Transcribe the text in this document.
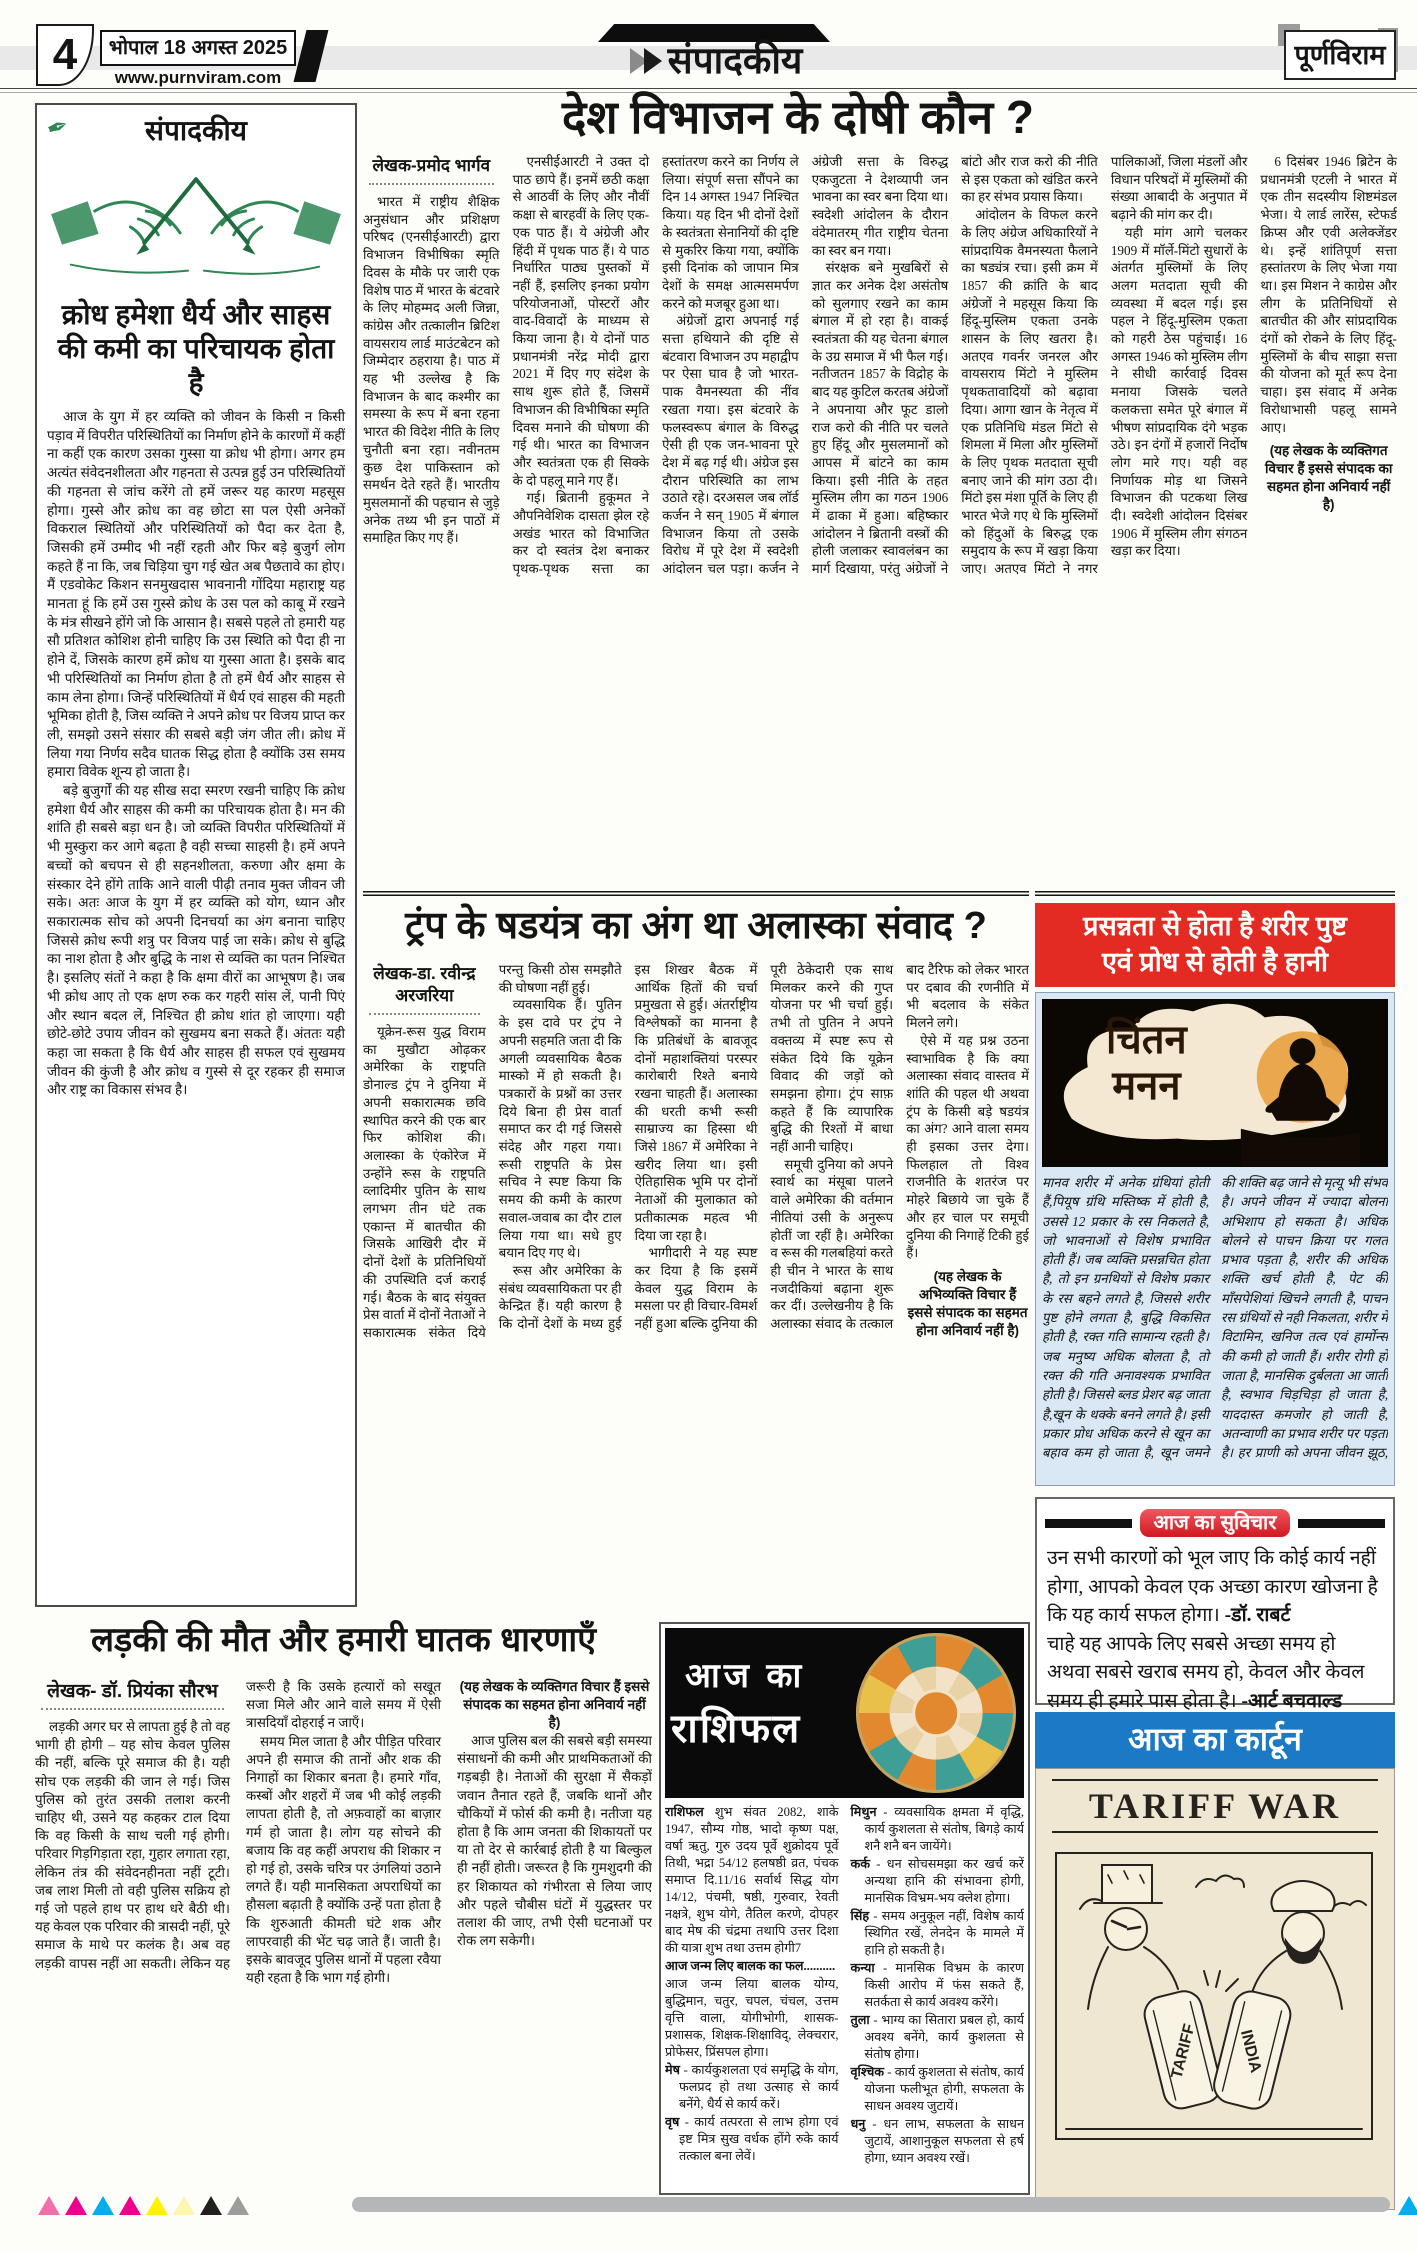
4	भोपाल 18 अगस्त 2025
www.purnviram.com	संपादकीय	पूर्णविराम
✒	संपादकीय
क्रोध हमेशा धैर्य और साहस की कमी का परिचायक होता है

आज के युग में हर व्यक्ति को जीवन के किसी न किसी पड़ाव में विपरीत परिस्थितियों का निर्माण होने के कारणों में कहीं ना कहीं एक कारण उसका गुस्सा या क्रोध भी होगा। अगर हम अत्यंत संवेदनशीलता और गहनता से उत्पन्न हुई उन परिस्थितियों की गहनता से जांच करेंगे तो हमें जरूर यह कारण महसूस होगा। गुस्से और क्रोध का वह छोटा सा पल ऐसी अनेकों विकराल स्थितियों और परिस्थितियों को पैदा कर देता है, जिसकी हमें उम्मीद भी नहीं रहती और फिर बड़े बुजुर्ग लोग कहते हैं ना कि, जब चिड़िया चुग गई खेत अब पैछतावे का होए। मैं एडवोकेट किशन सनमुखदास भावनानी गोंदिया महाराष्ट्र यह मानता हूं कि हमें उस गुस्से क्रोध के उस पल को काबू में रखने के मंत्र सीखने होंगे जो कि आसान है। सबसे पहले तो हमारी यह सौ प्रतिशत कोशिश होनी चाहिए कि उस स्थिति को पैदा ही ना होने दें, जिसके कारण हमें क्रोध या गुस्सा आता है। इसके बाद भी परिस्थितियों का निर्माण होता है तो हमें धैर्य और साहस से काम लेना होगा। जिन्हें परिस्थितियों में धैर्य एवं साहस की महती भूमिका होती है, जिस व्यक्ति ने अपने क्रोध पर विजय प्राप्त कर ली, समझो उसने संसार की सबसे बड़ी जंग जीत ली। क्रोध में लिया गया निर्णय सदैव घातक सिद्ध होता है क्योंकि उस समय हमारा विवेक शून्य हो जाता है।

बड़े बुजुर्गों की यह सीख सदा स्मरण रखनी चाहिए कि क्रोध हमेशा धैर्य और साहस की कमी का परिचायक होता है। मन की शांति ही सबसे बड़ा धन है। जो व्यक्ति विपरीत परिस्थितियों में भी मुस्कुरा कर आगे बढ़ता है वही सच्चा साहसी है। हमें अपने बच्चों को बचपन से ही सहनशीलता, करुणा और क्षमा के संस्कार देने होंगे ताकि आने वाली पीढ़ी तनाव मुक्त जीवन जी सके। अतः आज के युग में हर व्यक्ति को योग, ध्यान और सकारात्मक सोच को अपनी दिनचर्या का अंग बनाना चाहिए जिससे क्रोध रूपी शत्रु पर विजय पाई जा सके। क्रोध से बुद्धि का नाश होता है और बुद्धि के नाश से व्यक्ति का पतन निश्चित है। इसलिए संतों ने कहा है कि क्षमा वीरों का आभूषण है। जब भी क्रोध आए तो एक क्षण रुक कर गहरी सांस लें, पानी पिएं और स्थान बदल लें, निश्चित ही क्रोध शांत हो जाएगा। यही छोटे-छोटे उपाय जीवन को सुखमय बना सकते हैं। अंततः यही कहा जा सकता है कि धैर्य और साहस ही सफल एवं सुखमय जीवन की कुंजी है और क्रोध व गुस्से से दूर रहकर ही समाज और राष्ट्र का विकास संभव है।

देश विभाजन के दोषी कौन ?
लेखक-प्रमोद भार्गव

भारत में राष्ट्रीय शैक्षिक अनुसंधान और प्रशिक्षण परिषद (एनसीईआरटी) द्वारा विभाजन विभीषिका स्मृति दिवस के मौके पर जारी एक विशेष पाठ में भारत के बंटवारे के लिए मोहम्मद अली जिन्ना, कांग्रेस और तत्कालीन ब्रिटिश वायसराय लार्ड माउंटबेटन को जिम्मेदार ठहराया है। पाठ में यह भी उल्लेख है कि विभाजन के बाद कश्मीर का समस्या के रूप में बना रहना भारत की विदेश नीति के लिए चुनौती बना रहा। नवीनतम कुछ देश पाकिस्तान को समर्थन देते रहते हैं। भारतीय मुसलमानों की पहचान से जुड़े अनेक तथ्य भी इन पाठों में समाहित किए गए हैं।

एनसीईआरटी ने उक्त दो पाठ छापे हैं। इनमें छठी कक्षा से आठवीं के लिए और नौवीं कक्षा से बारहवीं के लिए एक-एक पाठ हैं। ये अंग्रेजी और हिंदी में पृथक पाठ हैं। ये पाठ निर्धारित पाठ्य पुस्तकों में नहीं हैं, इसलिए इनका प्रयोग परियोजनाओं, पोस्टरों और वाद-विवादों के माध्यम से किया जाना है। ये दोनों पाठ प्रधानमंत्री नरेंद्र मोदी द्वारा 2021 में दिए गए संदेश के साथ शुरू होते हैं, जिसमें विभाजन की विभीषिका स्मृति दिवस मनाने की घोषणा की गई थी। भारत का विभाजन और स्वतंत्रता एक ही सिक्के के दो पहलू माने गए हैं।

गई। ब्रितानी हुकूमत ने औपनिवेशिक दासता झेल रहे अखंड भारत को विभाजित कर दो स्वतंत्र देश बनाकर पृथक-पृथक सत्ता का हस्तांतरण करने का निर्णय ले लिया। संपूर्ण सत्ता सौंपने का दिन 14 अगस्त 1947 निश्चित किया। यह दिन भी दोनों देशों के स्वतंत्रता सेनानियों की दृष्टि से मुकरिर किया गया, क्योंकि इसी दिनांक को जापान मित्र देशों के समक्ष आत्मसमर्पण करने को मजबूर हुआ था।

अंग्रेजों द्वारा अपनाई गई सत्ता हथियाने की दृष्टि से बंटवारा विभाजन उप महाद्वीप पर ऐसा घाव है जो भारत-पाक वैमनस्यता की नींव रखता गया। इस बंटवारे के फलस्वरूप बंगाल के विरुद्ध ऐसी ही एक जन-भावना पूरे देश में बढ़ गई थी। अंग्रेज इस दौरान परिस्थिति का लाभ उठाते रहे। दरअसल जब लॉर्ड कर्जन ने सन् 1905 में बंगाल विभाजन किया तो उसके विरोध में पूरे देश में स्वदेशी आंदोलन चल पड़ा। कर्जन ने अंग्रेजी सत्ता के विरुद्ध एकजुटता ने देशव्यापी जन भावना का स्वर बना दिया था। स्वदेशी आंदोलन के दौरान वंदेमातरम् गीत राष्ट्रीय चेतना का स्वर बन गया।

संरक्षक बने मुखबिरों से ज्ञात कर अनेक देश असंतोष को सुलगाए रखने का काम बंगाल में हो रहा है। वाकई स्वतंत्रता की यह चेतना बंगाल के उग्र समाज में भी फैल गई। नतीजतन 1857 के विद्रोह के बाद यह कुटिल करतब अंग्रेजों ने अपनाया और फूट डालो राज करो की नीति पर चलते हुए हिंदू और मुसलमानों को आपस में बांटने का काम किया। इसी नीति के तहत मुस्लिम लीग का गठन 1906 में ढाका में हुआ। बहिष्कार आंदोलन ने ब्रितानी वस्त्रों की होली जलाकर स्वावलंबन का मार्ग दिखाया, परंतु अंग्रेजों ने बांटो और राज करो की नीति से इस एकता को खंडित करने का हर संभव प्रयास किया।

आंदोलन के विफल करने के लिए अंग्रेज अधिकारियों ने सांप्रदायिक वैमनस्यता फैलाने का षड्यंत्र रचा। इसी क्रम में 1857 की क्रांति के बाद अंग्रेजों ने महसूस किया कि हिंदू-मुस्लिम एकता उनके शासन के लिए खतरा है। अतएव गवर्नर जनरल और वायसराय मिंटो ने मुस्लिम पृथकतावादियों को बढ़ावा दिया। आगा खान के नेतृत्व में एक प्रतिनिधि मंडल मिंटो से शिमला में मिला और मुस्लिमों के लिए पृथक मतदाता सूची बनाए जाने की मांग उठा दी। मिंटो इस मंशा पूर्ति के लिए ही भारत भेजे गए थे कि मुस्लिमों को हिंदुओं के बिरुद्ध एक समुदाय के रूप में खड़ा किया जाए। अतएव मिंटो ने नगर पालिकाओं, जिला मंडलों और विधान परिषदों में मुस्लिमों की संख्या आबादी के अनुपात में बढ़ाने की मांग कर दी।

यही मांग आगे चलकर 1909 में मॉर्ले-मिंटो सुधारों के अंतर्गत मुस्लिमों के लिए अलग मतदाता सूची की व्यवस्था में बदल गई। इस पहल ने हिंदू-मुस्लिम एकता को गहरी ठेस पहुंचाई। 16 अगस्त 1946 को मुस्लिम लीग ने सीधी कार्रवाई दिवस मनाया जिसके चलते कलकत्ता समेत पूरे बंगाल में भीषण सांप्रदायिक दंगे भड़क उठे। इन दंगों में हजारों निर्दोष लोग मारे गए। यही वह निर्णायक मोड़ था जिसने विभाजन की पटकथा लिख दी। स्वदेशी आंदोलन दिसंबर 1906 में मुस्लिम लीग संगठन खड़ा कर दिया।

6 दिसंबर 1946 ब्रिटेन के प्रधानमंत्री एटली ने भारत में एक तीन सदस्यीय शिष्टमंडल भेजा। ये लार्ड लारेंस, स्टेफर्ड क्रिप्स और एवी अलेक्जेंडर थे। इन्हें शांतिपूर्ण सत्ता हस्तांतरण के लिए भेजा गया था। इस मिशन ने काग्रेस और लीग के प्रतिनिधियों से बातचीत की और सांप्रदायिक दंगों को रोकने के लिए हिंदू-मुस्लिमों के बीच साझा सत्ता की योजना को मूर्त रूप देना चाहा। इस संवाद में अनेक विरोधाभासी पहलू सामने आए।

(यह लेखक के व्यक्तिगत विचार हैं इससे संपादक का सहमत होना अनिवार्य नहीं है)
ट्रंप के षडयंत्र का अंग था अलास्का संवाद ?
लेखक-डा. रवीन्द्र अरजरिया

यूक्रेन-रूस युद्ध विराम का मुखौटा ओढ़कर अमेरिका के राष्ट्रपति डोनाल्ड ट्रंप ने दुनिया में अपनी सकारात्मक छवि स्थापित करने की एक बार फिर कोशिश की। अलास्का के एंकोरेज में उन्होंने रूस के राष्ट्रपति व्लादिमीर पुतिन के साथ लगभग तीन घंटे तक एकान्त में बातचीत की जिसके आखिरी दौर में दोनों देशों के प्रतिनिधियों की उपस्थिति दर्ज कराई गई। बैठक के बाद संयुक्त प्रेस वार्ता में दोनों नेताओं ने सकारात्मक संकेत दिये परन्तु किसी ठोस समझौते की घोषणा नहीं हुई।

व्यवसायिक हैं। पुतिन के इस दावे पर ट्रंप ने अपनी सहमति जता दी कि अगली व्यवसायिक बैठक मास्को में हो सकती है। पत्रकारों के प्रश्नों का उत्तर दिये बिना ही प्रेस वार्ता समाप्त कर दी गई जिससे संदेह और गहरा गया। रूसी राष्ट्रपति के प्रेस सचिव ने स्पष्ट किया कि समय की कमी के कारण सवाल-जवाब का दौर टाल लिया गया था। सधे हुए बयान दिए गए थे।

रूस और अमेरिका के संबंध व्यवसायिकता पर ही केन्द्रित हैं। यही कारण है कि दोनों देशों के मध्य हुई इस शिखर बैठक में आर्थिक हितों की चर्चा प्रमुखता से हुई। अंतर्राष्ट्रीय विश्लेषकों का मानना है कि प्रतिबंधों के बावजूद दोनों महाशक्तियां परस्पर कारोबारी रिश्ते बनाये रखना चाहती हैं। अलास्का की धरती कभी रूसी साम्राज्य का हिस्सा थी जिसे 1867 में अमेरिका ने खरीद लिया था। इसी ऐतिहासिक भूमि पर दोनों नेताओं की मुलाकात को प्रतीकात्मक महत्व भी दिया जा रहा है।

भागीदारी ने यह स्पष्ट कर दिया है कि इसमें केवल युद्ध विराम के मसला पर ही विचार-विमर्श नहीं हुआ बल्कि दुनिया की पूरी ठेकेदारी एक साथ मिलकर करने की गुप्त योजना पर भी चर्चा हुई। तभी तो पुतिन ने अपने वक्तव्य में स्पष्ट रूप से संकेत दिये कि यूक्रेन विवाद की जड़ों को समझना होगा। ट्रंप साफ़ कहते हैं कि व्यापारिक बुद्धि की रिश्तों में बाधा नहीं आनी चाहिए।

समूची दुनिया को अपने स्वार्थ का मंसूबा पालने वाले अमेरिका की वर्तमान नीतियां उसी के अनुरूप होतीं जा रहीं है। अमेरिका व रूस की गलबहियां करते ही चीन ने भारत के साथ नजदीकियां बढ़ाना शुरू कर दीं। उल्लेखनीय है कि अलास्का संवाद के तत्काल बाद टैरिफ को लेकर भारत पर दबाव की रणनीति में भी बदलाव के संकेत मिलने लगे।

ऐसे में यह प्रश्न उठना स्वाभाविक है कि क्या अलास्का संवाद वास्तव में शांति की पहल थी अथवा ट्रंप के किसी बड़े षडयंत्र का अंग? आने वाला समय ही इसका उत्तर देगा। फिलहाल तो विश्व राजनीति के शतरंज पर मोहरे बिछाये जा चुके हैं और हर चाल पर समूची दुनिया की निगाहें टिकी हुई हैं।

(यह लेखक के अभिव्यक्ति विचार हैं इससे संपादक का सहमत होना अनिवार्य नहीं है)
प्रसन्नता से होता है शरीर पुष्ट
एवं प्रोध से होती है हानी
चिंतन
मनन
मानव शरीर में अनेक ग्रंथियां होती हैं,पियूष ग्रंथि मस्तिष्क में होती है, उससे 12 प्रकार के रस निकलते है, जो भावनाओं से विशेष प्रभावित होती हैं। जब व्यक्ति प्रसन्नचित होता है, तो इन ग्रनथियों से विशेष प्रकार के रस बहने लगते है, जिससे शरीर पुष्ट होने लगता है, बुद्धि विकसित होती है, रक्त गति सामान्य रहती है। जब मनुष्य अधिक बोलता है, तो रक्त की गति अनावश्यक प्रभावित होती है। जिससे ब्लड प्रेशर बढ़ जाता है,खून के थक्के बनने लगते है। इसी प्रकार प्रोध अधिक करने से खून का बहाव कम हो जाता है, खून जमने की शक्ति बढ़ जाने से मृत्यू भी संभव है। अपने जीवन में ज्यादा बोलना अभिशाप हो सकता है। अधिक बोलने से पाचन क्रिया पर गलत प्रभाव पड़ता है, शरीर की अधिक शक्ति खर्च होती है, पेट की माँसपेशियां खिचने लगती है, पाचन रस ग्रंथियों से नही निकलता, शरीर में विटामिन, खनिज तत्व एवं हार्मोन्स की कमी हो जाती हैं। शरीर रोगी हो जाता है, मानसिक दुर्बलता आ जाती है, स्वभाव चिड़चिड़ा हो जाता है, याददास्त कमजोर हो जाती है, अतन्वाणी का प्रभाव शरीर पर पड़ता है। हर प्राणी को अपना जीवन झूठ,
आज का सुविचार
उन सभी कारणों को भूल जाए कि कोई कार्य नहीं होगा, आपको केवल एक अच्छा कारण खोजना है कि यह कार्य सफल होगा। -डॉ. राबर्ट
चाहे यह आपके लिए सबसे अच्छा समय हो अथवा सबसे खराब समय हो, केवल और केवल समय ही हमारे पास होता है। -आर्ट बचवाल्ड
आज का कार्टून
TARIFF WAR
TARIFF INDIA
लड़की की मौत और हमारी घातक धारणाएँ
लेखक- डॉ. प्रियंका सौरभ

लड़की अगर घर से लापता हुई है तो वह भागी ही होगी – यह सोच केवल पुलिस की नहीं, बल्कि पूरे समाज की है। यही सोच एक लड़की की जान ले गई। जिस पुलिस को तुरंत उसकी तलाश करनी चाहिए थी, उसने यह कहकर टाल दिया कि वह किसी के साथ चली गई होगी। परिवार गिड़गिड़ाता रहा, गुहार लगाता रहा, लेकिन तंत्र की संवेदनहीनता नहीं टूटी। जब लाश मिली तो वही पुलिस सक्रिय हो गई जो पहले हाथ पर हाथ धरे बैठी थी। यह केवल एक परिवार की त्रासदी नहीं, पूरे समाज के माथे पर कलंक है। अब वह लड़की वापस नहीं आ सकती। लेकिन यह जरूरी है कि उसके हत्यारों को सखूत सजा मिले और आने वाले समय में ऐसी त्रासदियाँ दोहराई न जाएँ।

समय मिल जाता है और पीड़ित परिवार अपने ही समाज की तानों और शक की निगाहों का शिकार बनता है। हमारे गाँव, कस्बों और शहरों में जब भी कोई लड़की लापता होती है, तो अफ़वाहों का बाज़ार गर्म हो जाता है। लोग यह सोचने की बजाय कि वह कहीं अपराध की शिकार न हो गई हो, उसके चरित्र पर उंगलियां उठाने लगते हैं। यही मानसिकता अपराधियों का हौसला बढ़ाती है क्योंकि उन्हें पता होता है कि शुरुआती कीमती घंटे शक और लापरवाही की भेंट चढ़ जाते हैं। जाती है। इसके बावजूद पुलिस थानों में पहला रवैया यही रहता है कि भाग गई होगी।

(यह लेखक के व्यक्तिगत विचार हैं इससे संपादक का सहमत होना अनिवार्य नहीं है)

आज पुलिस बल की सबसे बड़ी समस्या संसाधनों की कमी और प्राथमिकताओं की गड़बड़ी है। नेताओं की सुरक्षा में सैकड़ों जवान तैनात रहते हैं, जबकि थानों और चौकियों में फोर्स की कमी है। नतीजा यह होता है कि आम जनता की शिकायतों पर या तो देर से कार्रबाई होती है या बिल्कुल ही नहीं होती। जरूरत है कि गुमशुदगी की हर शिकायत को गंभीरता से लिया जाए और पहले चौबीस घंटों में युद्धस्तर पर तलाश की जाए, तभी ऐसी घटनाओं पर रोक लग सकेगी।

आज का
राशिफल

राशिफल शुभ संवत 2082, शाके 1947, सौम्य गोष्ठ, भादो कृष्ण पक्ष, वर्षा ऋतु, गुरु उदय पूर्वे शुक्रोदय पूर्वे तिथी, भद्रा 54/12 हलषष्ठी व्रत, पंचक समाप्त दि.11/16 सर्वार्थ सिद्ध योग 14/12, पंचमी, षष्ठी, गुरुवार, रेवती नक्षत्रे, शुभ योगे, तैतिल करणे, दोपहर बाद मेष की चंद्रमा तथापि उत्तर दिशा की यात्रा शुभ तथा उत्तम होगी7

आज जन्म लिए बालक का फल..........

आज जन्म लिया बालक योग्य, बुद्धिमान, चतुर, चपल, चंचल, उत्तम वृत्ति वाला, योगीभोगी, शासक-प्रशासक, शिक्षक-शिक्षाविद्, लेक्चरार, प्रोफेसर, प्रिंसपल होगा।

मेष - कार्यकुशलता एवं समृद्धि के योग, फलप्रद हो तथा उत्साह से कार्य बनेंगे, धैर्य से कार्य करें।

वृष - कार्य तत्परता से लाभ होगा एवं इष्ट मित्र सुख वर्धक होंगे रुके कार्य तत्काल बना लेवें।

मिथुन - व्यवसायिक क्षमता में वृद्धि, कार्य कुशलता से संतोष, बिगड़े कार्य शनै शनै बन जायेंगे।

कर्क - धन सोचसमझा कर खर्च करें अन्यथा हानि की संभावना होगी, मानसिक विभ्रम-भय क्लेश होगा।

सिंह - समय अनुकूल नहीं, विशेष कार्य स्थिगित रखें, लेनदेन के मामले में हानि हो सकती है।

कन्या - मानसिक विभ्रम के कारण किसी आरोप में फंस सकते हैं, सतर्कता से कार्य अवश्य करेंगे।

तुला - भाग्य का सितारा प्रबल हो, कार्य अवश्य बनेंगे, कार्य कुशलता से संतोष होगा।

वृश्चिक - कार्य कुशलता से संतोष, कार्य योजना फलीभूत होगी, सफलता के साधन अवश्य जुटायें।

धनु - धन लाभ, सफलता के साधन जुटायें, आशानुकूल सफलता से हर्ष होगा, ध्यान अवश्य रखें।
